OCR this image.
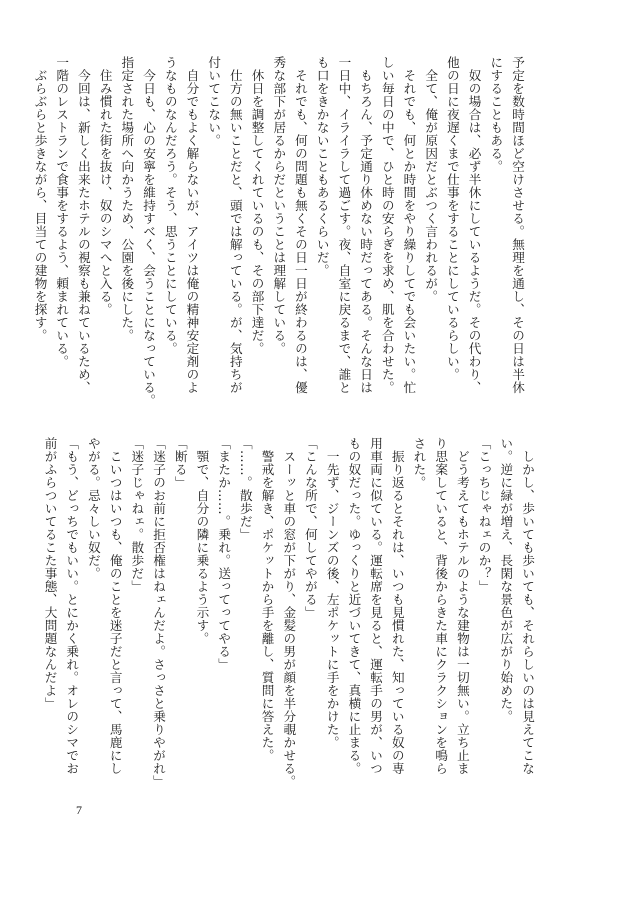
予定を数時間ほど空けさせる。無理を通し、その日は半休
にすることもある。
　奴の場合は、必ず半休にしているようだ。その代わり、
他の日に夜遅くまで仕事をすることにしているらしい。
　全て、俺が原因だとぶつく言われるが。
　それでも、何とか時間をやり繰りしてでも会いたい。忙
しい毎日の中で、ひと時の安らぎを求め、肌を合わせた。
　もちろん、予定通り休めない時だってある。そんな日は
一日中、イライラして過ごす。夜、自室に戻るまで、誰と
も口をきかないこともあるくらいだ。
　それでも、何の問題も無くその日一日が終わるのは、優
秀な部下が居るからだということは理解している。
　休日を調整してくれているのも、その部下達だ。
　仕方の無いことだと、頭では解っている。が、気持ちが
付いてこない。
　自分でもよく解らないが、アイツは俺の精神安定剤のよ
うなものなんだろう。そう、思うことにしている。
　今日も、心の安寧を維持すべく、会うことになっている。
指定された場所へ向かうため、公園を後にした。
　住み慣れた街を抜け、奴のシマへと入る。
　今回は、新しく出来たホテルの視察も兼ねているため、
一階のレストランで食事をするよう、頼まれている。
　ぶらぶらと歩きながら、目当ての建物を探す。
　しかし、歩いても歩いても、それらしいのは見えてこな
い。逆に緑が増え、長閑な景色が広がり始めた。
「こっちじゃねェのか？」
　どう考えてもホテルのような建物は一切無い。立ち止ま
り思案していると、背後からきた車にクラクションを鳴ら
された。
　振り返るとそれは、いつも見慣れた、知っている奴の専
用車両に似ている。運転席を見ると、運転手の男が、いつ
もの奴だった。ゆっくりと近づいてきて、真横に止まる。
　一先ず、ジーンズの後、左ポケットに手をかけた。
「こんな所で、何してやがる」
　スーッと車の窓が下がり、金髪の男が顔を半分覗かせる。
　警戒を解き、ポケットから手を離し、質問に答えた。
「……。散歩だ」
「またか……。乗れ。送ってってやる」
　顎で、自分の隣に乗るよう示す。
「断る」
「迷子のお前に拒否権はねェんだよ。さっさと乗りやがれ」
「迷子じゃねェ。散歩だ」
　こいつはいつも、俺のことを迷子だと言って、馬鹿にし
やがる。忌々しい奴だ。
「もう、どっちでもいい。とにかく乗れ。オレのシマでお
前がふらついてるこた事態、大問題なんだよ」
7
